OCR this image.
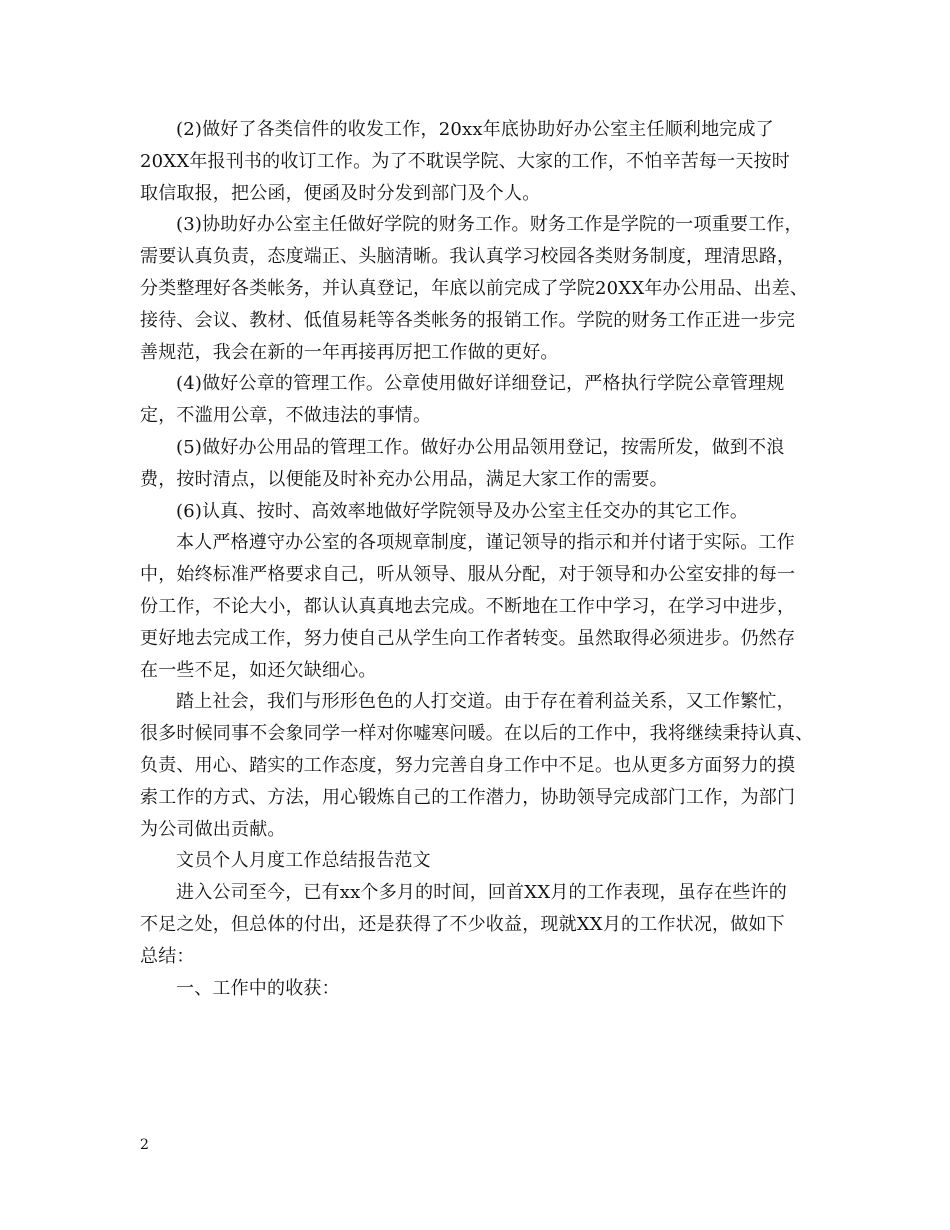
(2)做好了各类信件的收发工作，20xx年底协助好办公室主任顺利地完成了
20XX年报刊书的收订工作。为了不耽误学院、大家的工作，不怕辛苦每一天按时
取信取报，把公函，便函及时分发到部门及个人。
(3)协助好办公室主任做好学院的财务工作。财务工作是学院的一项重要工作，
需要认真负责，态度端正、头脑清晰。我认真学习校园各类财务制度，理清思路，
分类整理好各类帐务，并认真登记，年底以前完成了学院20XX年办公用品、出差、
接待、会议、教材、低值易耗等各类帐务的报销工作。学院的财务工作正进一步完
善规范，我会在新的一年再接再厉把工作做的更好。
(4)做好公章的管理工作。公章使用做好详细登记，严格执行学院公章管理规
定，不滥用公章，不做违法的事情。
(5)做好办公用品的管理工作。做好办公用品领用登记，按需所发，做到不浪
费，按时清点，以便能及时补充办公用品，满足大家工作的需要。
(6)认真、按时、高效率地做好学院领导及办公室主任交办的其它工作。
本人严格遵守办公室的各项规章制度，谨记领导的指示和并付诸于实际。工作
中，始终标准严格要求自己，听从领导、服从分配，对于领导和办公室安排的每一
份工作，不论大小，都认认真真地去完成。不断地在工作中学习，在学习中进步，
更好地去完成工作，努力使自己从学生向工作者转变。虽然取得必须进步。仍然存
在一些不足，如还欠缺细心。
踏上社会，我们与形形色色的人打交道。由于存在着利益关系，又工作繁忙，
很多时候同事不会象同学一样对你嘘寒问暖。在以后的工作中，我将继续秉持认真、
负责、用心、踏实的工作态度，努力完善自身工作中不足。也从更多方面努力的摸
索工作的方式、方法，用心锻炼自己的工作潜力，协助领导完成部门工作，为部门
为公司做出贡献。
文员个人月度工作总结报告范文
进入公司至今，已有xx个多月的时间，回首XX月的工作表现，虽存在些许的
不足之处，但总体的付出，还是获得了不少收益，现就XX月的工作状况，做如下
总结：
一、工作中的收获：
2
